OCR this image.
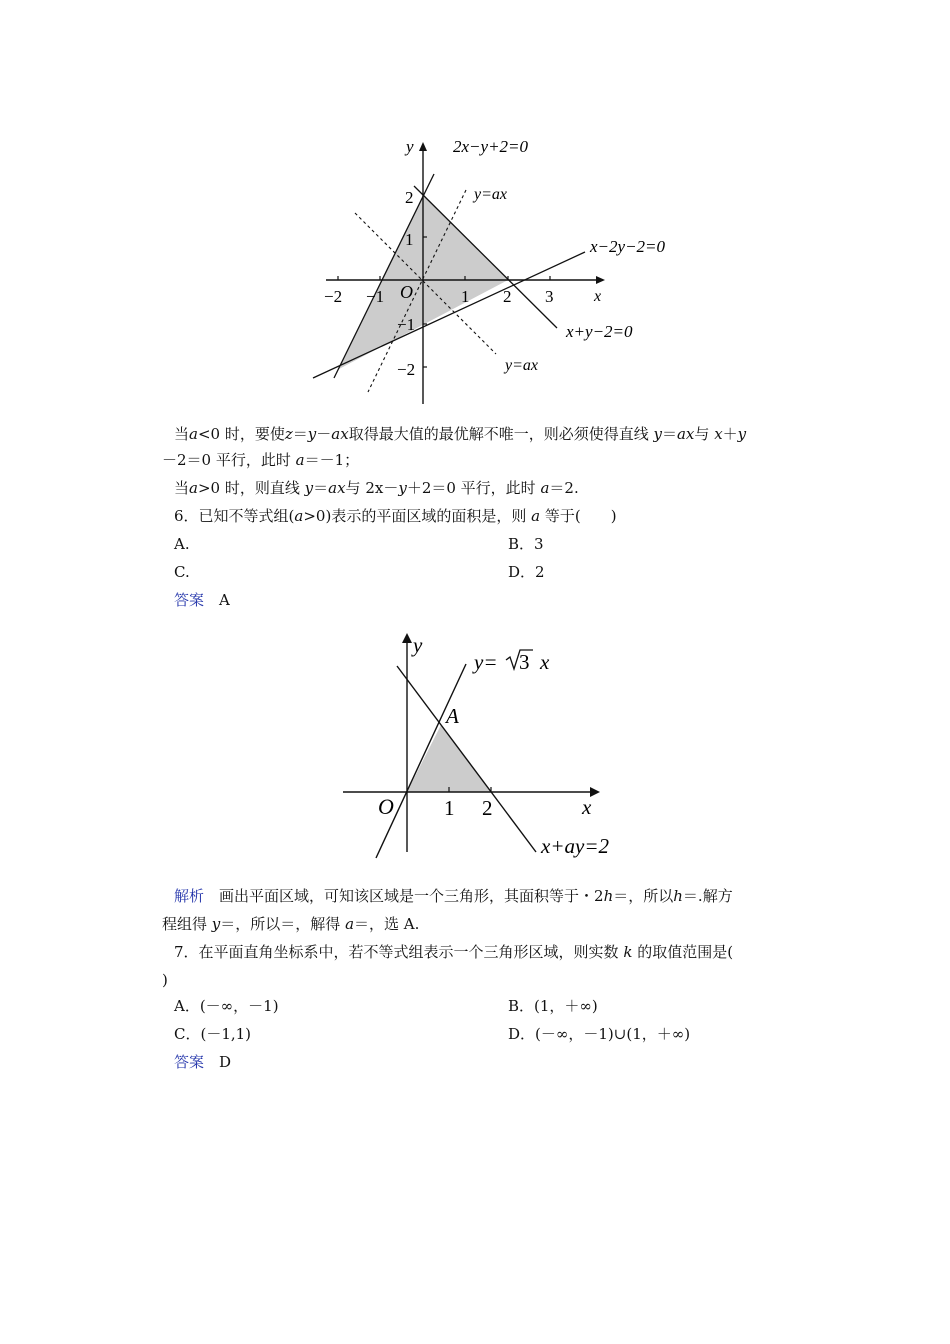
y
x
O
−2 −1	1 2 3
2
1
−1
−2
2x−y+2=0
x−2y−2=0
x+y−2=0
y=ax
y=ax
当a<0 时，要使z＝y－ax取得最大值的最优解不唯一，则必须使得直线 y＝ax与 x＋y
－2＝0 平行，此时 a＝－1；
当a>0 时，则直线 y＝ax与 2x－y＋2＝0 平行，此时 a＝2.
6．已知不等式组(a>0)表示的平面区域的面积是，则 a 等于(　　)
A.	B．3
C.	D．2
答案　 A
y
x
O 1 2
A
y= 3 x
x+ay=2
解析　画出平面区域，可知该区域是一个三角形，其面积等于・2h＝，所以h＝.解方
程组得 y＝，所以＝，解得 a＝，选 A.
7．在平面直角坐标系中，若不等式组表示一个三角形区域，则实数 k 的取值范围是(
)
A．(－∞，－1)	B．(1，＋∞)
C．(－1,1)	D．(－∞，－1)∪(1，＋∞)
答案　 D
